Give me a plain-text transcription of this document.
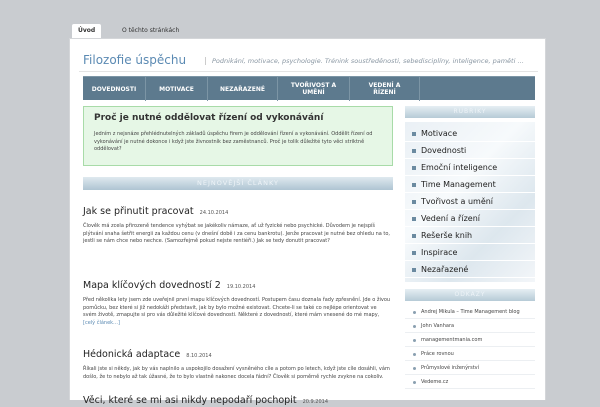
Úvod	O těchto stránkách
Filozofie úspěchu	Podnikání, motivace, psychologie. Trénink soustředěnosti, sebedisciplíny, inteligence, paměti …
DOVEDNOSTI	MOTIVACE	NEZAŘAZENÉ	TVOŘIVOST A UMĚNÍ
VEDENÍ A ŘÍZENÍ
Proč je nutné oddělovat řízení od vykonávání

Jedním z nejsnáze přehlédnutelných základů úspěchu firem je oddělování řízení a vykonávání. Oddělit řízení od vykonávání je nutné dokonce i když jste živnostník bez zaměstnanců. Proč je tolik důležité tyto věci striktně oddělovat?

NEJNOVĚJŠÍ ČLÁNKY
Jak se přinutit pracovat 24.10.2014
Člověk má zcela přirozeně tendence vyhýbat se jakékoliv námaze, ať už fyzické nebo psychické. Důvodem je nejspíš plýtvání snaha šetřit energii za každou cenu (v dnešní době i za cenu bankrotu). Jenže pracovat je nutné bez ohledu na to, jestli se nám chce nebo nechce. (Samozřejmě pokud nejste rentiéři.) Jak se tedy donutit pracovat?
Mapa klíčových dovedností 2 19.10.2014
Před několika lety jsem zde uveřejnil první mapu klíčových dovedností. Postupem času doznala řady zpřesnění. Jde o živou pomůcku, bez které si již nedokáži představit, jak by bylo možné existovat. Chcete-li se také co nejlépe orientovat ve svém životě, zmapujte si pro vás důležité klíčové dovednosti. Některé z dovedností, které mám vnesené do mé mapy, [celý článek…]
Hédonická adaptace 8.10.2014
Říkali jste si někdy, jak by vás naplnilo a uspokojilo dosažení vysněného cíle a potom po letech, když jste cíle dosáhli, vám došlo, že to nebylo až tak úžasné, že to bylo vlastně nakonec docela fádní? Člověk si poměrně rychle zvykne na cokoliv.
Věci, které se mi asi nikdy nepodaří pochopit 20.9.2014
RUBRIKY
Motivace
Dovednosti
Emoční inteligence
Time Management
Tvořivost a umění
Vedení a řízení
Rešerše knih
Inspirace
Nezařazené
ODKAZY
Andrej Mikula – Time Management blog
John Vanhara
managementmania.com
Práce rovnou
Průmyslové inženýrství
Vedeme.cz
